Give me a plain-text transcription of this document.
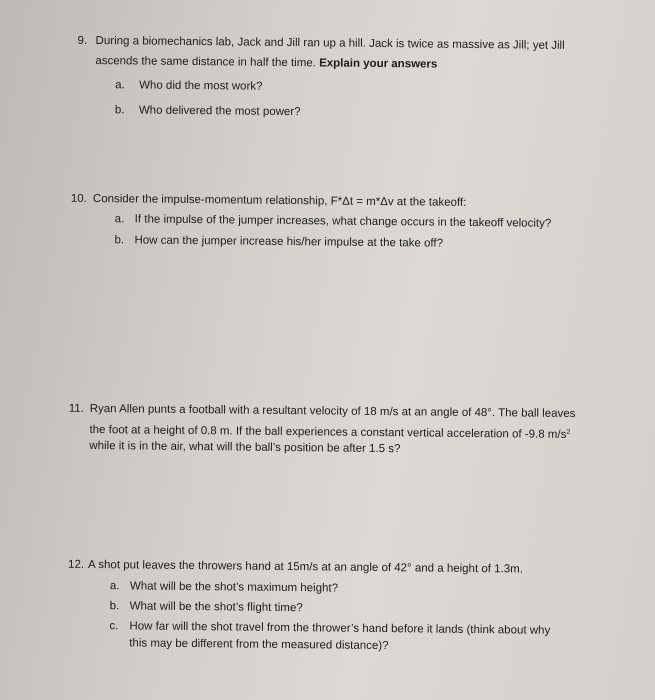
9. During a biomechanics lab, Jack and Jill ran up a hill. Jack is twice as massive as Jill; yet Jill
ascends the same distance in half the time. Explain your answers
a. Who did the most work?
b. Who delivered the most power?
10. Consider the impulse-momentum relationship, F*Δt = m*Δv at the takeoff:
a. If the impulse of the jumper increases, what change occurs in the takeoff velocity?
b. How can the jumper increase his/her impulse at the take off?
11. Ryan Allen punts a football with a resultant velocity of 18 m/s at an angle of 48°. The ball leaves
the foot at a height of 0.8 m. If the ball experiences a constant vertical acceleration of -9.8 $m/s^2$
while it is in the air, what will the ball’s position be after 1.5 s?
12. A shot put leaves the throwers hand at 15m/s at an angle of 42° and a height of 1.3m.
a. What will be the shot’s maximum height?
b. What will be the shot’s flight time?
c. How far will the shot travel from the thrower’s hand before it lands (think about why
this may be different from the measured distance)?
